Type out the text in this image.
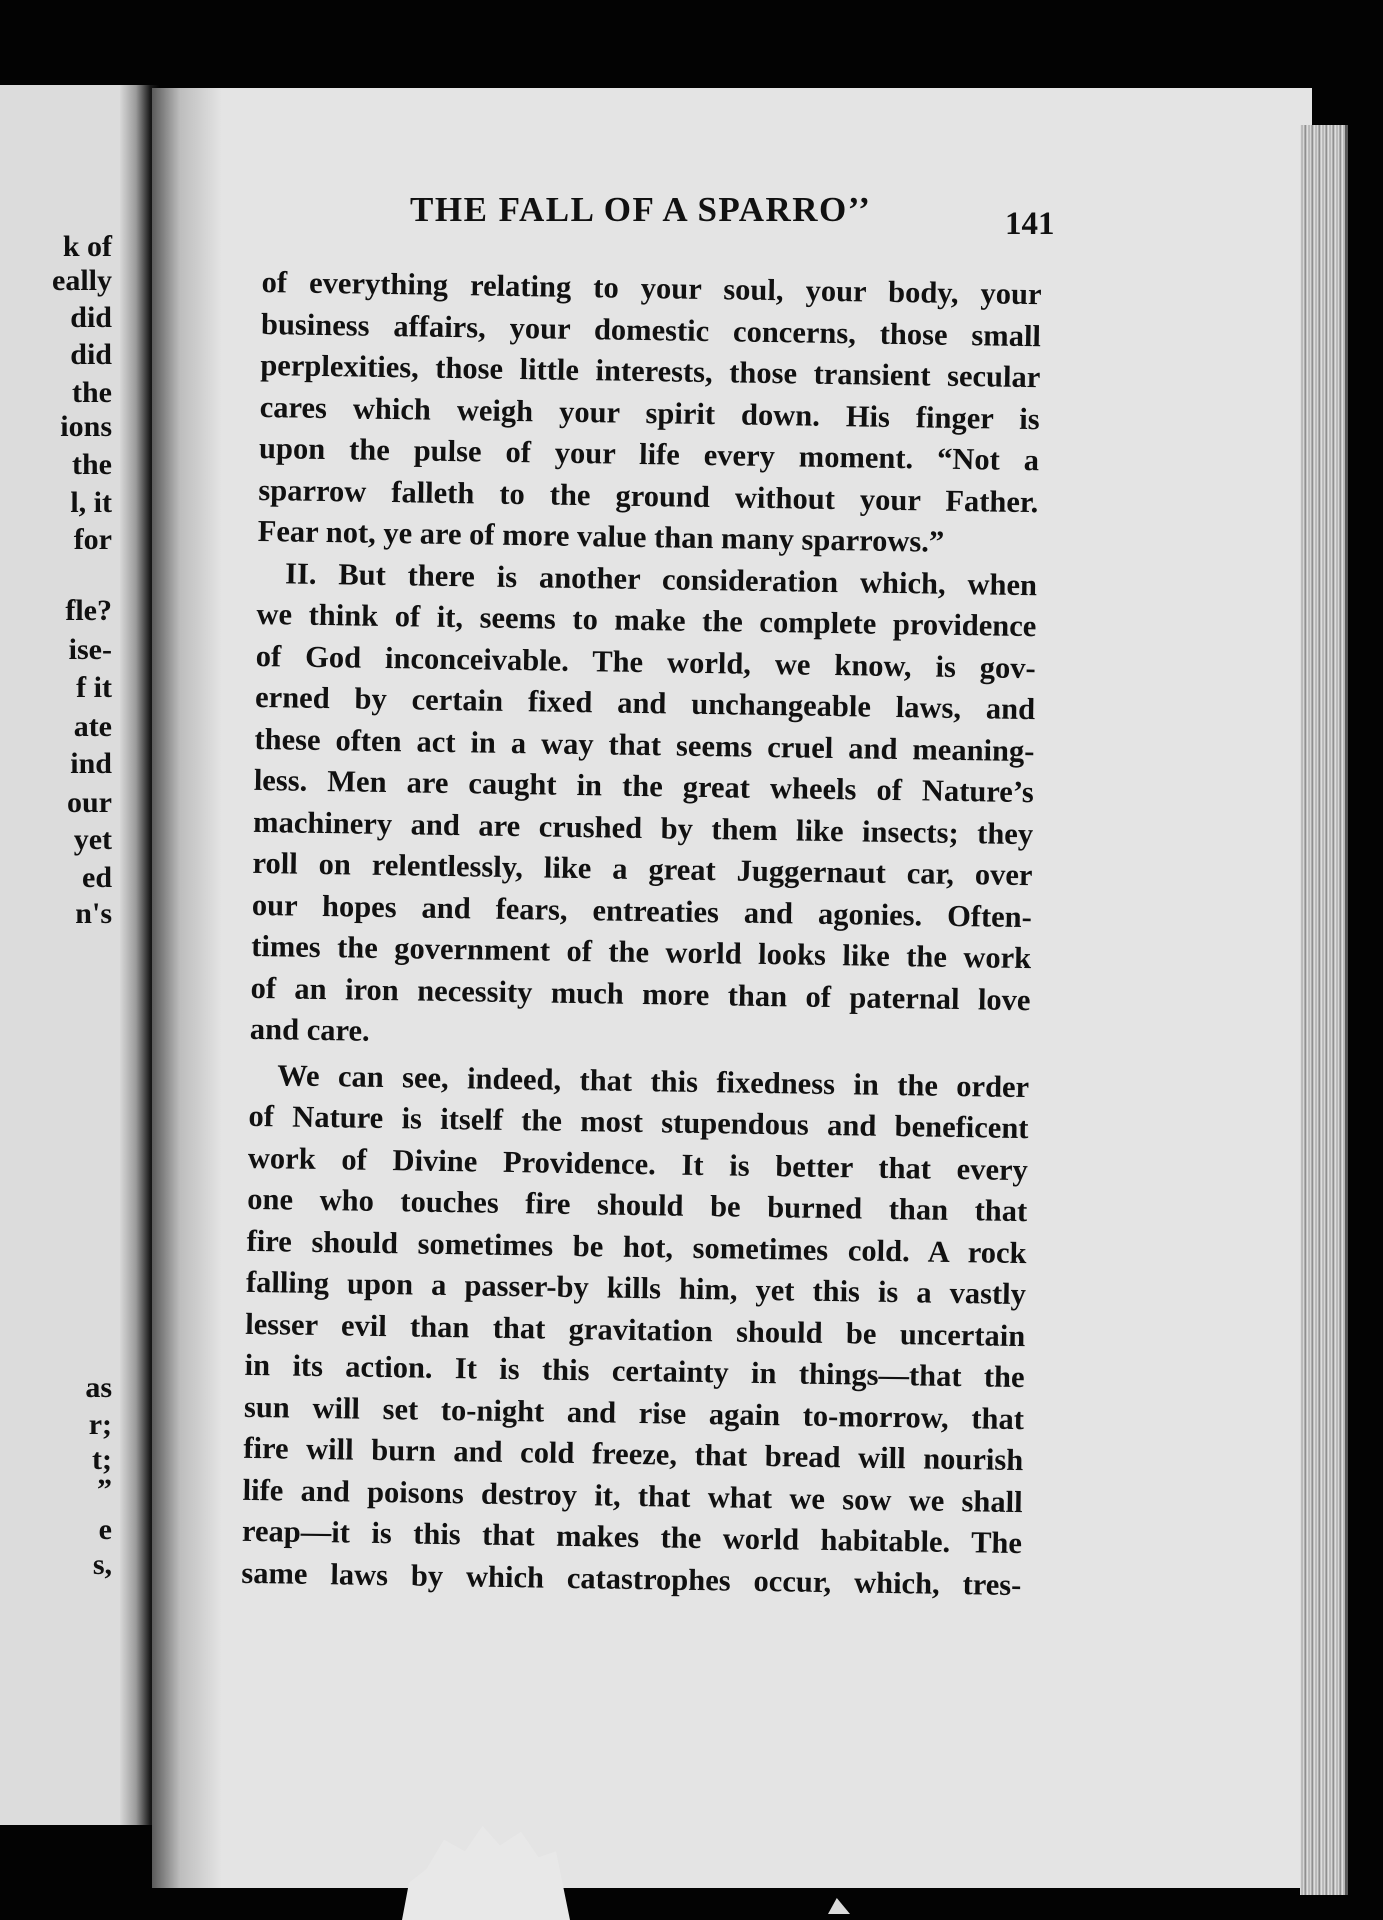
k of

eally

did

did

the

ions

the

l, it

for

fle?

ise-

f it

ate

ind

our

yet

ed

n's

as

r;

t;

”

e

s,

THE FALL OF A SPARRO’’	141

of everything relating to your soul, your body, your
business affairs, your domestic concerns, those small
perplexities, those little interests, those transient secular
cares which weigh your spirit down. His finger is
upon the pulse of your life every moment. “Not a
sparrow falleth to the ground without your Father.
Fear not, ye are of more value than many sparrows.”
II. But there is another consideration which, when
we think of it, seems to make the complete providence
of God inconceivable. The world, we know, is gov-
erned by certain fixed and unchangeable laws, and
these often act in a way that seems cruel and meaning-
less. Men are caught in the great wheels of Nature’s
machinery and are crushed by them like insects; they
roll on relentlessly, like a great Juggernaut car, over
our hopes and fears, entreaties and agonies. Often-
times the government of the world looks like the work
of an iron necessity much more than of paternal love
and care.
We can see, indeed, that this fixedness in the order
of Nature is itself the most stupendous and beneficent
work of Divine Providence. It is better that every
one who touches fire should be burned than that
fire should sometimes be hot, sometimes cold. A rock
falling upon a passer-by kills him, yet this is a vastly
lesser evil than that gravitation should be uncertain
in its action. It is this certainty in things—that the
sun will set to-night and rise again to-morrow, that
fire will burn and cold freeze, that bread will nourish
life and poisons destroy it, that what we sow we shall
reap—it is this that makes the world habitable. The
same laws by which catastrophes occur, which, tres-
